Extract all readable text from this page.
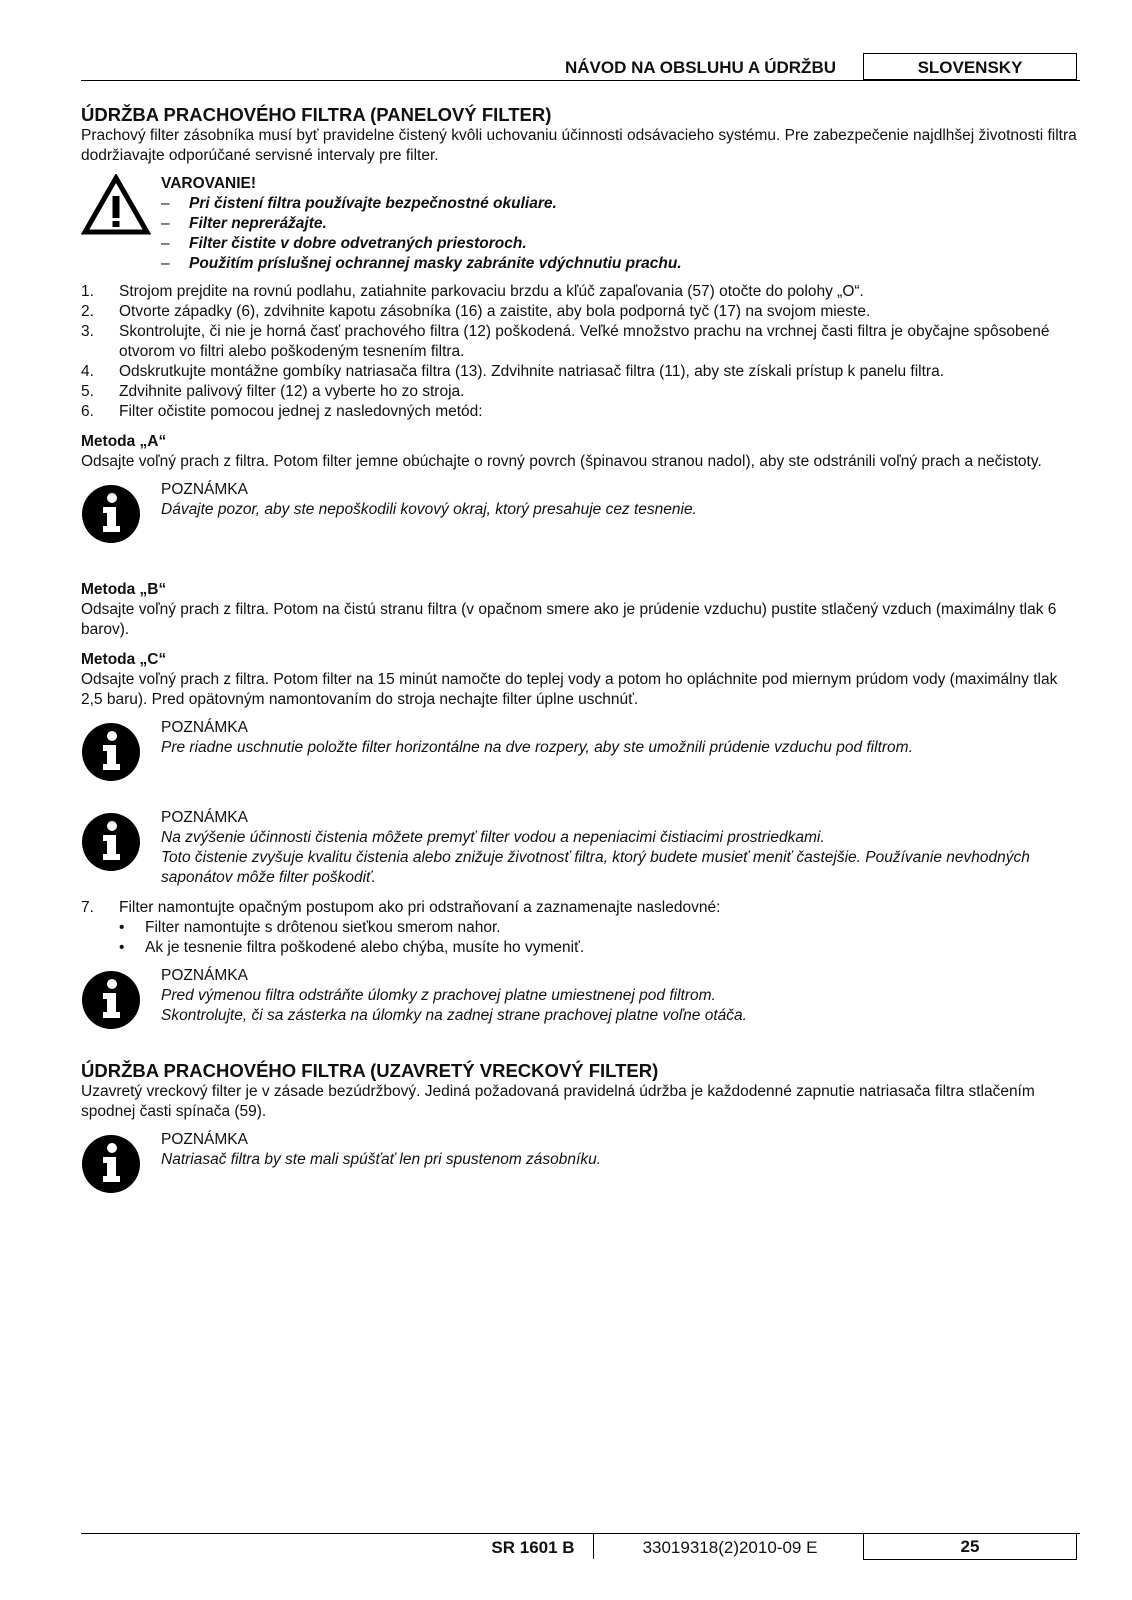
NÁVOD NA OBSLUHU A ÚDRŽBU	SLOVENSKY
ÚDRŽBA PRACHOVÉHO FILTRA (PANELOVÝ FILTER)

Prachový filter zásobníka musí byť pravidelne čistený kvôli uchovaniu účinnosti odsávacieho systému. Pre zabezpečenie najdlhšej životnosti filtra dodržiavajte odporúčané servisné intervaly pre filter.

VAROVANIE!
–	Pri čistení filtra používajte bezpečnostné okuliare.
–	Filter neprerážajte.
–	Filter čistite v dobre odvetraných priestoroch.
–	Použitím príslušnej ochrannej masky zabránite vdýchnutiu prachu.
1.	Strojom prejdite na rovnú podlahu, zatiahnite parkovaciu brzdu a kľúč zapaľovania (57) otočte do polohy „O“.
2.	Otvorte západky (6), zdvihnite kapotu zásobníka (16) a zaistite, aby bola podporná tyč (17) na svojom mieste.
3.	Skontrolujte, či nie je horná časť prachového filtra (12) poškodená. Veľké množstvo prachu na vrchnej časti filtra je obyčajne spôsobené otvorom vo filtri alebo poškodeným tesnením filtra.
4.	Odskrutkujte montážne gombíky natriasača filtra (13). Zdvihnite natriasač filtra (11), aby ste získali prístup k panelu filtra.
5.	Zdvihnite palivový filter (12) a vyberte ho zo stroja.
6.	Filter očistite pomocou jednej z nasledovných metód:
Metoda „A“

Odsajte voľný prach z filtra. Potom filter jemne obúchajte o rovný povrch (špinavou stranou nadol), aby ste odstránili voľný prach a nečistoty.

POZNÁMKA
Dávajte pozor, aby ste nepoškodili kovový okraj, ktorý presahuje cez tesnenie.
Metoda „B“

Odsajte voľný prach z filtra. Potom na čistú stranu filtra (v opačnom smere ako je prúdenie vzduchu) pustite stlačený vzduch (maximálny tlak 6 barov).

Metoda „C“

Odsajte voľný prach z filtra. Potom filter na 15 minút namočte do teplej vody a potom ho opláchnite pod miernym prúdom vody (maximálny tlak 2,5 baru). Pred opätovným namontovaním do stroja nechajte filter úplne uschnúť.

POZNÁMKA
Pre riadne uschnutie položte filter horizontálne na dve rozpery, aby ste umožnili prúdenie vzduchu pod filtrom.
POZNÁMKA
Na zvýšenie účinnosti čistenia môžete premyť filter vodou a nepeniacimi čistiacimi prostriedkami.
Toto čistenie zvyšuje kvalitu čistenia alebo znižuje životnosť filtra, ktorý budete musieť meniť častejšie. Používanie nevhodných saponátov môže filter poškodiť.
7.	Filter namontujte opačným postupom ako pri odstraňovaní a zaznamenajte nasledovné:
•	Filter namontujte s drôtenou sieťkou smerom nahor.
•	Ak je tesnenie filtra poškodené alebo chýba, musíte ho vymeniť.
POZNÁMKA
Pred výmenou filtra odstráňte úlomky z prachovej platne umiestnenej pod filtrom.
Skontrolujte, či sa zásterka na úlomky na zadnej strane prachovej platne voľne otáča.
ÚDRŽBA PRACHOVÉHO FILTRA (UZAVRETÝ VRECKOVÝ FILTER)

Uzavretý vreckový filter je v zásade bezúdržbový. Jediná požadovaná pravidelná údržba je každodenné zapnutie natriasača filtra stlačením spodnej časti spínača (59).

POZNÁMKA
Natriasač filtra by ste mali spúšťať len pri spustenom zásobníku.
SR 1601 B	33019318(2)2010-09 E	25
